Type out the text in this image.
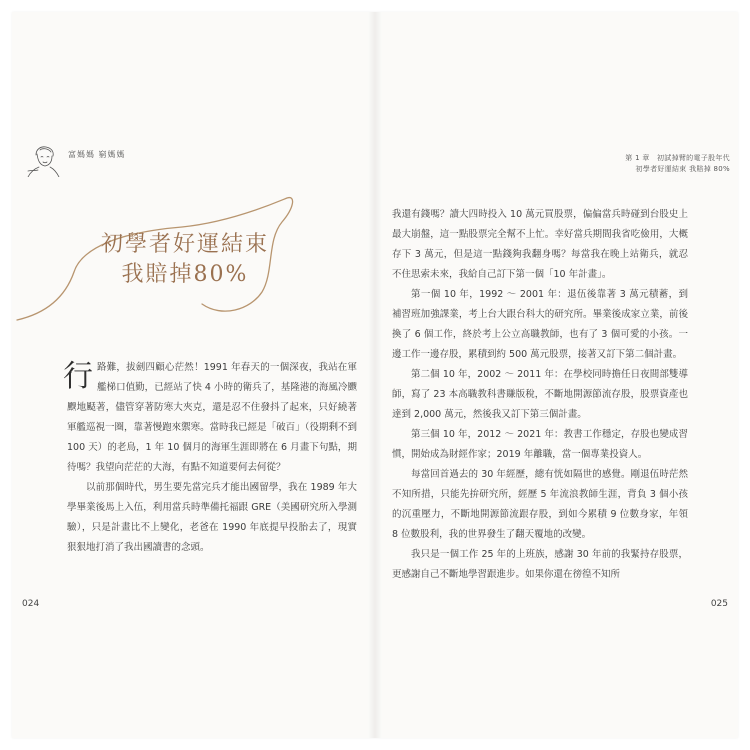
富媽媽 窮媽媽
初學者好運結束
我賠掉80%

行路難，拔劍四顧心茫然！1991 年春天的一個深夜，我站在軍艦梯口值勤，已經站了快 4 小時的衛兵了，基隆港的海風冷颼颼地颳著，儘管穿著防寒大夾克，還是忍不住發抖了起來，只好繞著軍艦巡視一圈，靠著慢跑來禦寒。當時我已經是「破百」（役期剩不到 100 天）的老鳥，1 年 10 個月的海軍生涯即將在 6 月畫下句點，期待嗎？我望向茫茫的大海，有點不知道要何去何從？

以前那個時代，男生要先當完兵才能出國留學，我在 1989 年大學畢業後馬上入伍，利用當兵時準備托福跟 GRE（美國研究所入學測驗），只是計畫比不上變化，老爸在 1990 年底提早投胎去了，現實狠狠地打消了我出國讀書的念頭。

024
第 1 章　初試掉臂的電子股年代
初學者好運結束 我賠掉 80%

我還有錢嗎？讀大四時投入 10 萬元買股票，偏偏當兵時碰到台股史上最大崩盤，這一點股票完全幫不上忙。幸好當兵期間我省吃儉用，大概存下 3 萬元，但是這一點錢夠我翻身嗎？每當我在晚上站衛兵，就忍不住思索未來，我給自己訂下第一個「10 年計畫」。

第一個 10 年，1992 ～ 2001 年：退伍後靠著 3 萬元積蓄，到補習班加強課業，考上台大跟台科大的研究所。畢業後成家立業，前後換了 6 個工作，終於考上公立高職教師，也有了 3 個可愛的小孩。一邊工作一邊存股，累積到約 500 萬元股票，接著又訂下第二個計畫。

第二個 10 年，2002 ～ 2011 年：在學校同時擔任日夜間部雙導師，寫了 23 本高職教科書賺版稅，不斷地開源節流存股，股票資產也達到 2,000 萬元，然後我又訂下第三個計畫。

第三個 10 年，2012 ～ 2021 年：教書工作穩定，存股也變成習慣，開始成為財經作家；2019 年離職，當一個專業投資人。

每當回首過去的 30 年經歷，總有恍如隔世的感覺。剛退伍時茫然不知所措，只能先拚研究所，經歷 5 年流浪教師生涯，背負 3 個小孩的沉重壓力，不斷地開源節流跟存股，到如今累積 9 位數身家，年領 8 位數股利，我的世界發生了翻天覆地的改變。

我只是一個工作 25 年的上班族，感謝 30 年前的我緊持存股票，更感謝自己不斷地學習跟進步。如果你還在徬徨不知所

025
